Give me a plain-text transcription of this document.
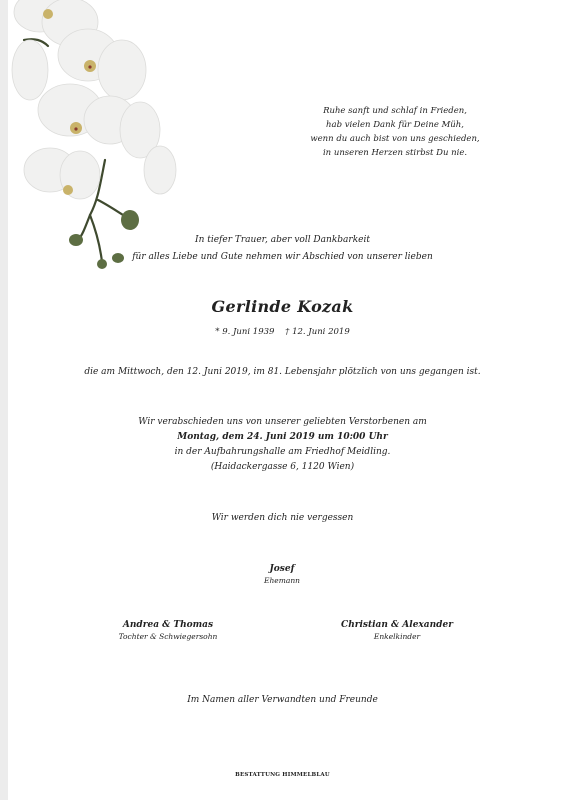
Ruhe sanft und schlaf in Frieden,
hab vielen Dank für Deine Müh,
wenn du auch bist von uns geschieden,
in unseren Herzen stirbst Du nie.
In tiefer Trauer, aber voll Dankbarkeit
für alles Liebe und Gute nehmen wir Abschied von unserer lieben
Gerlinde Kozak
* 9. Juni 1939 † 12. Juni 2019
die am Mittwoch, den 12. Juni 2019, im 81. Lebensjahr plötzlich von uns gegangen ist.
Wir verabschieden uns von unserer geliebten Verstorbenen am
Montag, dem 24. Juni 2019 um 10:00 Uhr
in der Aufbahrungshalle am Friedhof Meidling.
(Haidackergasse 6, 1120 Wien)
Wir werden dich nie vergessen
Josef
Ehemann
Andrea & Thomas
Tochter & Schwiegersohn
Christian & Alexander
Enkelkinder
Im Namen aller Verwandten und Freunde
BESTATTUNG HIMMELBLAU
